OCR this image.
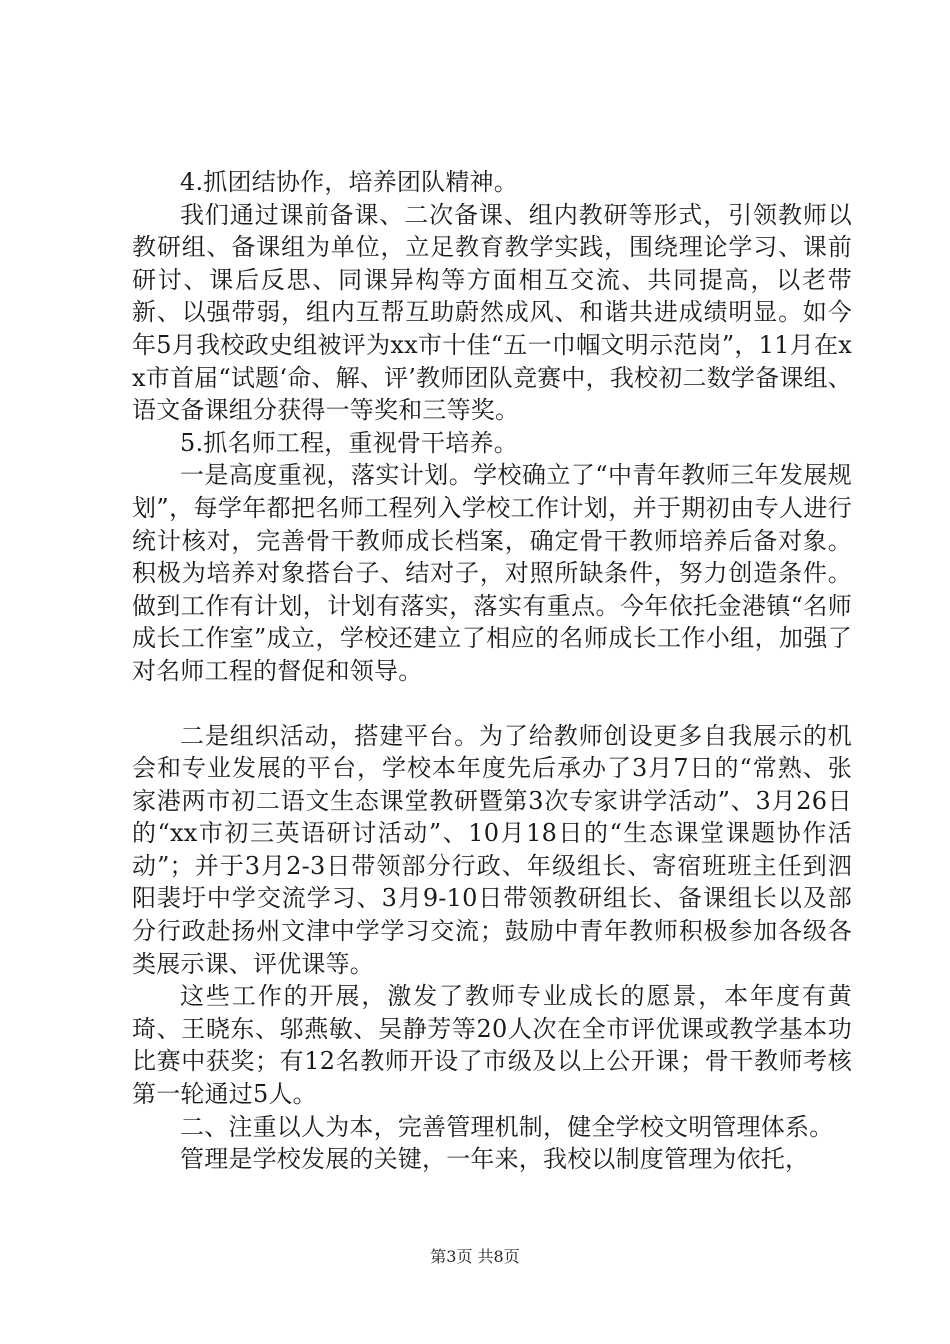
4.抓团结协作，培养团队精神。

我们通过课前备课、二次备课、组内教研等形式，引领教师以教研组、备课组为单位，立足教育教学实践，围绕理论学习、课前研讨、课后反思、同课异构等方面相互交流、共同提高，以老带新、以强带弱，组内互帮互助蔚然成风、和谐共进成绩明显。如今年5月我校政史组被评为xx市十佳“五一巾帼文明示范岗”，11月在xx市首届“试题‘命、解、评’教师团队竞赛中，我校初二数学备课组、语文备课组分获得一等奖和三等奖。

5.抓名师工程，重视骨干培养。

一是高度重视，落实计划。学校确立了“中青年教师三年发展规划”，每学年都把名师工程列入学校工作计划，并于期初由专人进行统计核对，完善骨干教师成长档案，确定骨干教师培养后备对象。积极为培养对象搭台子、结对子，对照所缺条件，努力创造条件。做到工作有计划，计划有落实，落实有重点。今年依托金港镇“名师成长工作室”成立，学校还建立了相应的名师成长工作小组，加强了对名师工程的督促和领导。

二是组织活动，搭建平台。为了给教师创设更多自我展示的机会和专业发展的平台，学校本年度先后承办了3月7日的“常熟、张家港两市初二语文生态课堂教研暨第3次专家讲学活动”、3月26日的“xx市初三英语研讨活动”、10月18日的“生态课堂课题协作活动”；并于3月2-3日带领部分行政、年级组长、寄宿班班主任到泗阳裴圩中学交流学习、3月9-10日带领教研组长、备课组长以及部分行政赴扬州文津中学学习交流；鼓励中青年教师积极参加各级各类展示课、评优课等。

这些工作的开展，激发了教师专业成长的愿景，本年度有黄琦、王晓东、邬燕敏、吴静芳等20人次在全市评优课或教学基本功比赛中获奖；有12名教师开设了市级及以上公开课；骨干教师考核第一轮通过5人。

二、注重以人为本，完善管理机制，健全学校文明管理体系。

管理是学校发展的关键，一年来，我校以制度管理为依托，

第3页 共8页
